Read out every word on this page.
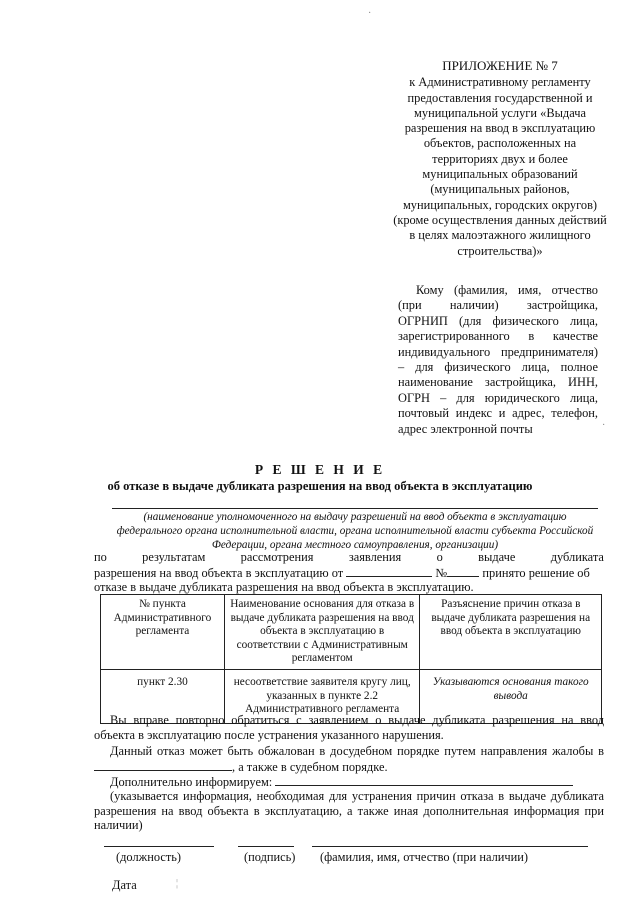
ПРИЛОЖЕНИЕ № 7
к Административному регламенту предоставления государственной и муниципальной услуги «Выдача разрешения на ввод в эксплуатацию объектов, расположенных на территориях двух и более муниципальных образований (муниципальных районов, муниципальных, городских округов) (кроме осуществления данных действий в целях малоэтажного жилищного строительства)»
·
·

Кому (фамилия, имя, отчество (при наличии) застройщика, ОГРНИП (для физического лица, зарегистрированного в качестве индивидуального предпринимателя) – для физического лица, полное наименование застройщика, ИНН, ОГРН – для юридического лица, почтовый индекс и адрес, телефон, адрес электронной почты

Р Е Ш Е Н И Е
об отказе в выдаче дубликата разрешения на ввод объекта в эксплуатацию
(наименование уполномоченного на выдачу разрешений на ввод объекта в эксплуатацию федерального органа исполнительной власти, органа исполнительной власти субъекта Российской Федерации, органа местного самоуправления, организации)
по	результатам	рассмотрения	заявления	о	выдаче	дубликата
разрешения на ввод объекта в эксплуатацию от	№	принято решение об
отказе в выдаче дубликата разрешения на ввод объекта в эксплуатацию.
№ пункта Административного регламента	Наименование основания для отказа в выдаче дубликата разрешения на ввод объекта в эксплуатацию в соответствии с Административным регламентом	Разъяснение причин отказа в выдаче дубликата разрешения на ввод объекта в эксплуатацию
пункт 2.30	несоответствие заявителя кругу лиц, указанных в пункте 2.2 Административного регламента	Указываются основания такого вывода
Вы вправе повторно обратиться с заявлением о выдаче дубликата разрешения на ввод объекта в эксплуатацию после устранения указанного нарушения.
Данный отказ может быть обжалован в досудебном порядке путем направления жалобы в , а также в судебном порядке.
Дополнительно информируем:
(указывается информация, необходимая для устранения причин отказа в выдаче дубликата разрешения на ввод объекта в эксплуатацию, а также иная дополнительная информация при наличии)
(должность)	(подпись) (фамилия, имя, отчество (при наличии)
Дата	¦
